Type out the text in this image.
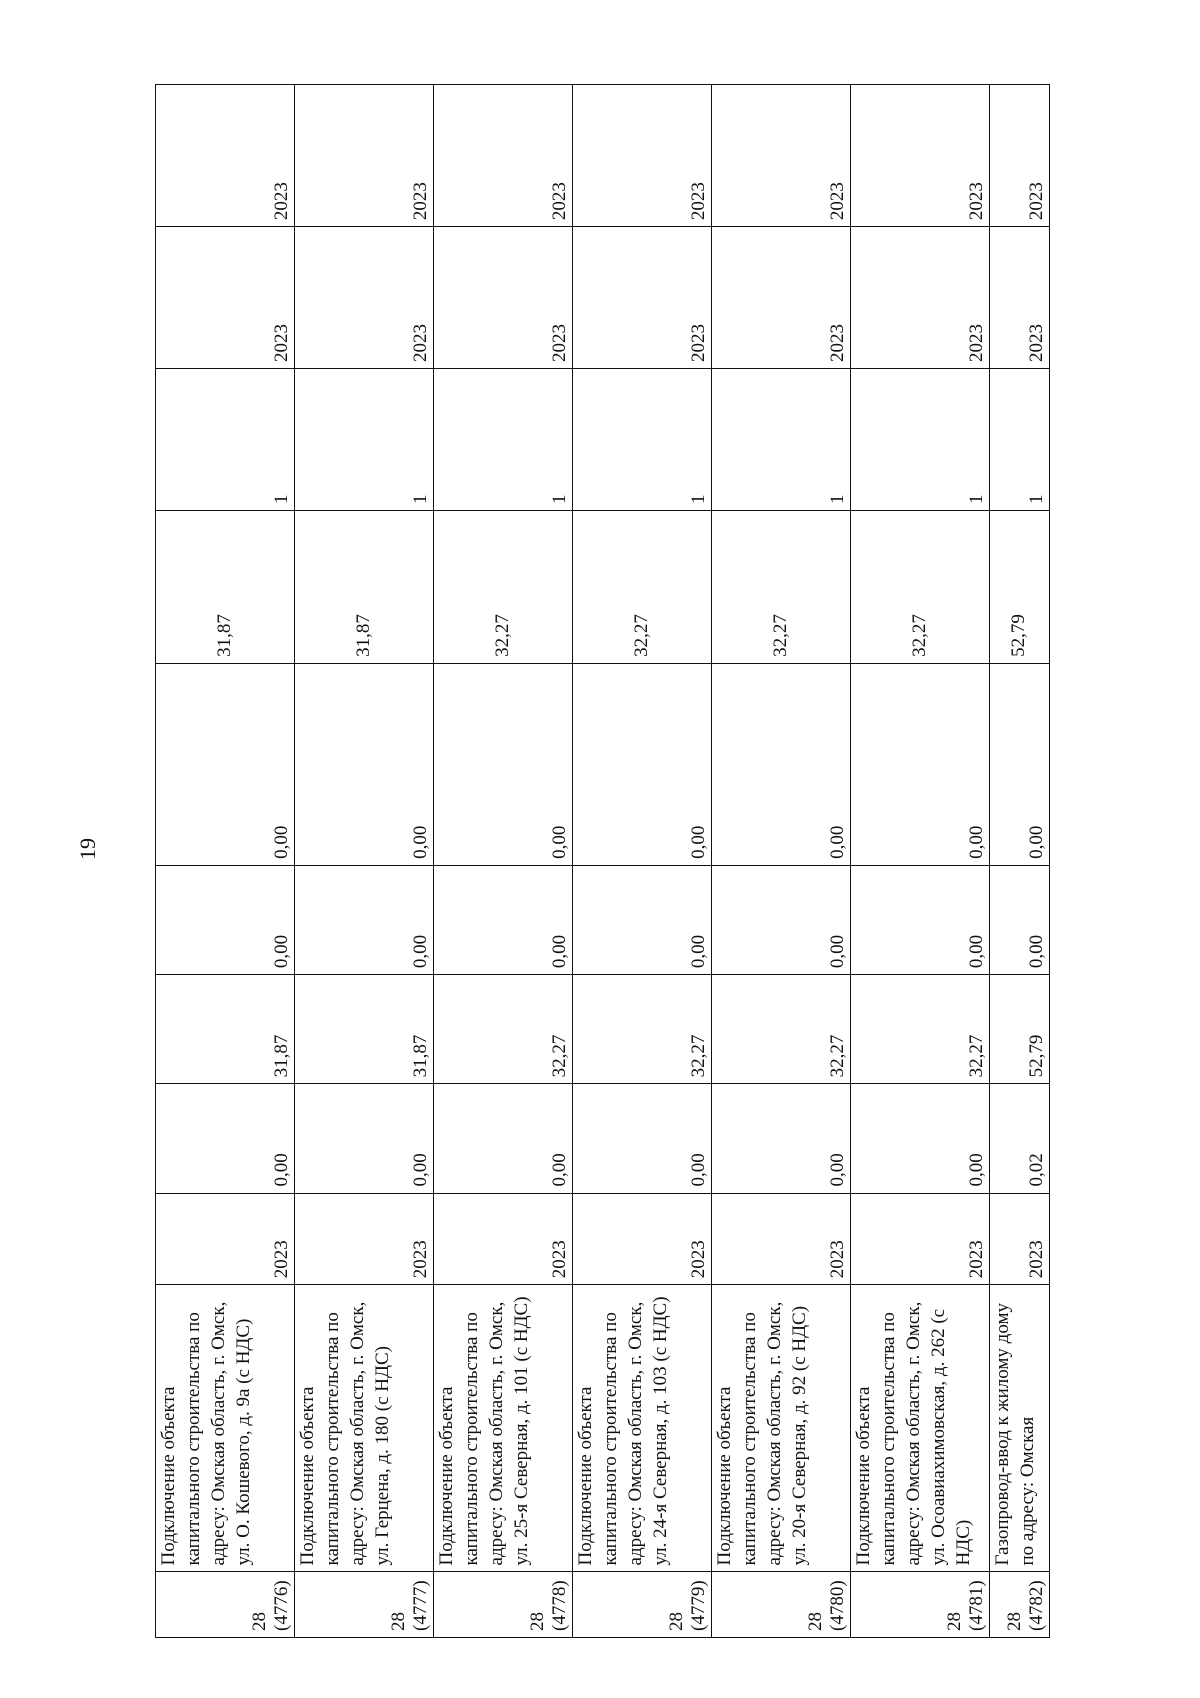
19
28 (4776)	Подключение объекта капитального строительства по адресу: Омская область, г. Омск, ул. О. Кошевого, д. 9а (с НДС)	2023	0,00	31,87	0,00	0,00	31,87	1	2023	2023

28 (4777)	Подключение объекта капитального строительства по адресу: Омская область, г. Омск, ул. Герцена, д. 180 (с НДС)	2023	0,00	31,87	0,00	0,00	31,87	1	2023	2023

28 (4778)	Подключение объекта капитального строительства по адресу: Омская область, г. Омск, ул. 25-я Северная, д. 101 (с НДС)	2023	0,00	32,27	0,00	0,00	32,27	1	2023	2023

28 (4779)	Подключение объекта капитального строительства по адресу: Омская область, г. Омск, ул. 24-я Северная, д. 103 (с НДС)	2023	0,00	32,27	0,00	0,00	32,27	1	2023	2023

28 (4780)	Подключение объекта капитального строительства по адресу: Омская область, г. Омск, ул. 20-я Северная, д. 92 (с НДС)	2023	0,00	32,27	0,00	0,00	32,27	1	2023	2023

28 (4781)	Подключение объекта капитального строительства по адресу: Омская область, г. Омск, ул. Осоавиахимовская, д. 262 (с НДС)	2023	0,00	32,27	0,00	0,00	32,27	1	2023	2023

28 (4782)	Газопровод-ввод к жилому дому по адресу: Омская	2023	0,02	52,79	0,00	0,00	52,79	1	2023	2023
